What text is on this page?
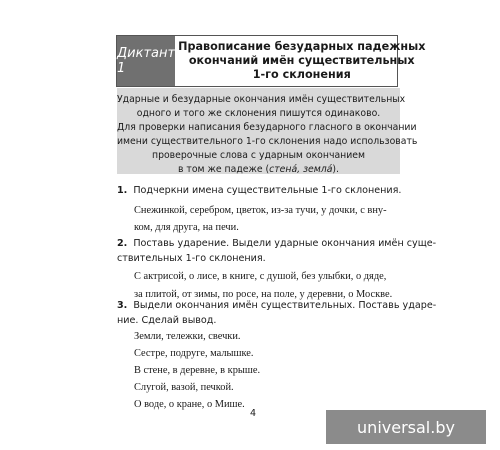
Диктант 1
Правописание безударных падежных
окончаний имён существительных
1-го склонения
Ударные и безударные окончания имён существительных
одного и того же склонения пишутся одинаково.
Для проверки написания безударного гласного в окончании
имени существительного 1-го склонения надо использовать
проверочные слова с ударным окончанием
в том же падеже (стенá, землá).
1. Подчеркни имена существительные 1-го склонения.
Снежинкой, серебром, цветок, из-за тучи, у дочки, с вну-
ком, для друга, на печи.
2. Поставь ударение. Выдели ударные окончания имён суще-
ствительных 1-го склонения.
С актрисой, о лисе, в книге, с душой, без улыбки, о дяде,
за плитой, от зимы, по росе, на поле, у деревни, о Москве.
3. Выдели окончания имён существительных. Поставь ударе-
ние. Сделай вывод.
Земли, тележки, свечки.
Сестре, подруге, малышке.
В стене, в деревне, в крыше.
Слугой, вазой, печкой.
О воде, о кране, о Мише.
4
universal.by
